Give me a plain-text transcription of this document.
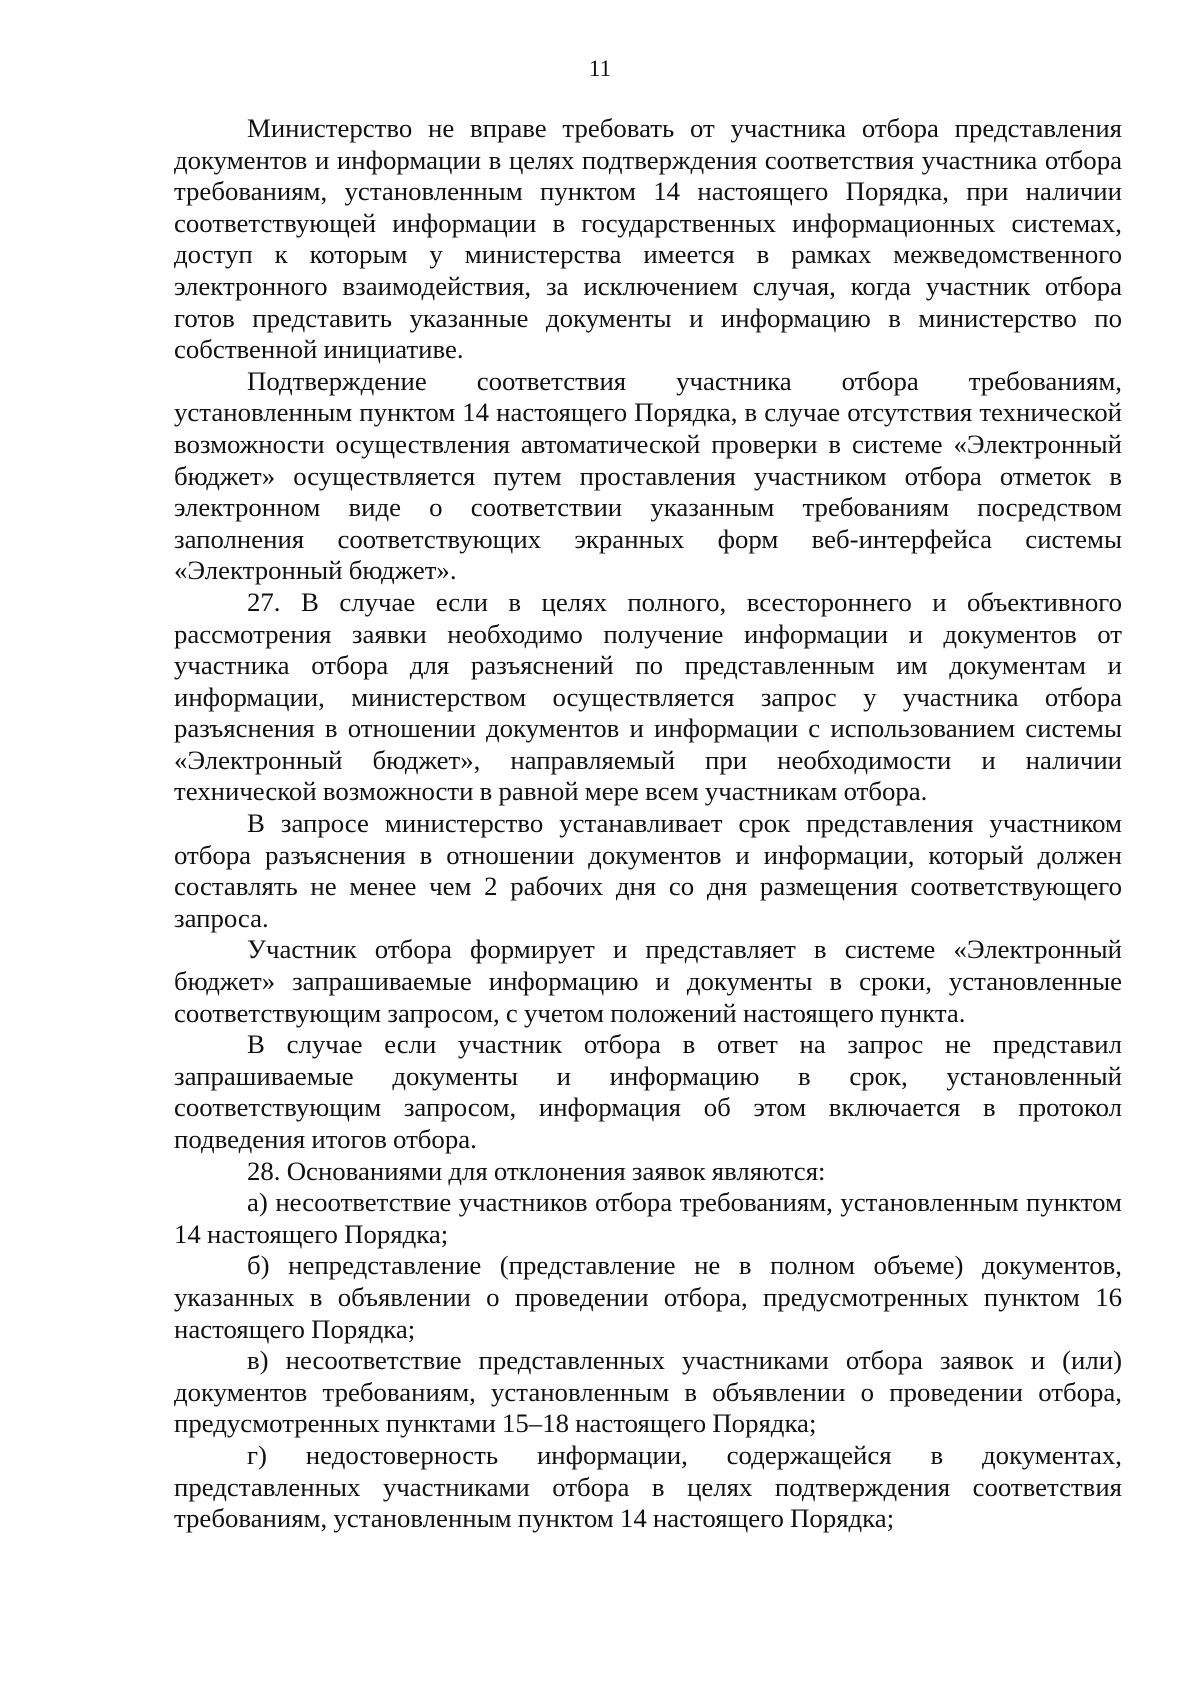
11

Министерство не вправе требовать от участника отбора представления документов и информации в целях подтверждения соответствия участника отбора требованиям, установленным пунктом 14 настоящего Порядка, при наличии соответствующей информации в государственных информационных системах, доступ к которым у министерства имеется в рамках межведомственного электронного взаимодействия, за исключением случая, когда участник отбора готов представить указанные документы и информацию в министерство по собственной инициативе.

Подтверждение соответствия участника отбора требованиям, установленным пунктом 14 настоящего Порядка, в случае отсутствия технической возможности осуществления автоматической проверки в системе «Электронный бюджет» осуществляется путем проставления участником отбора отметок в электронном виде о соответствии указанным требованиям посредством заполнения соответствующих экранных форм веб-интерфейса системы «Электронный бюджет».

27. В случае если в целях полного, всестороннего и объективного рассмотрения заявки необходимо получение информации и документов от участника отбора для разъяснений по представленным им документам и информации, министерством осуществляется запрос у участника отбора разъяснения в отношении документов и информации с использованием системы «Электронный бюджет», направляемый при необходимости и наличии технической возможности в равной мере всем участникам отбора.

В запросе министерство устанавливает срок представления участником отбора разъяснения в отношении документов и информации, который должен составлять не менее чем 2 рабочих дня со дня размещения соответствующего запроса.

Участник отбора формирует и представляет в системе «Электронный бюджет» запрашиваемые информацию и документы в сроки, установленные соответствующим запросом, с учетом положений настоящего пункта.

В случае если участник отбора в ответ на запрос не представил запрашиваемые документы и информацию в срок, установленный соответствующим запросом, информация об этом включается в протокол подведения итогов отбора.

28. Основаниями для отклонения заявок являются:

а) несоответствие участников отбора требованиям, установленным пунктом 14 настоящего Порядка;

б) непредставление (представление не в полном объеме) документов, указанных в объявлении о проведении отбора, предусмотренных пунктом 16 настоящего Порядка;

в) несоответствие представленных участниками отбора заявок и (или) документов требованиям, установленным в объявлении о проведении отбора, предусмотренных пунктами 15–18 настоящего Порядка;

г) недостоверность информации, содержащейся в документах, представленных участниками отбора в целях подтверждения соответствия требованиям, установленным пунктом 14 настоящего Порядка;
